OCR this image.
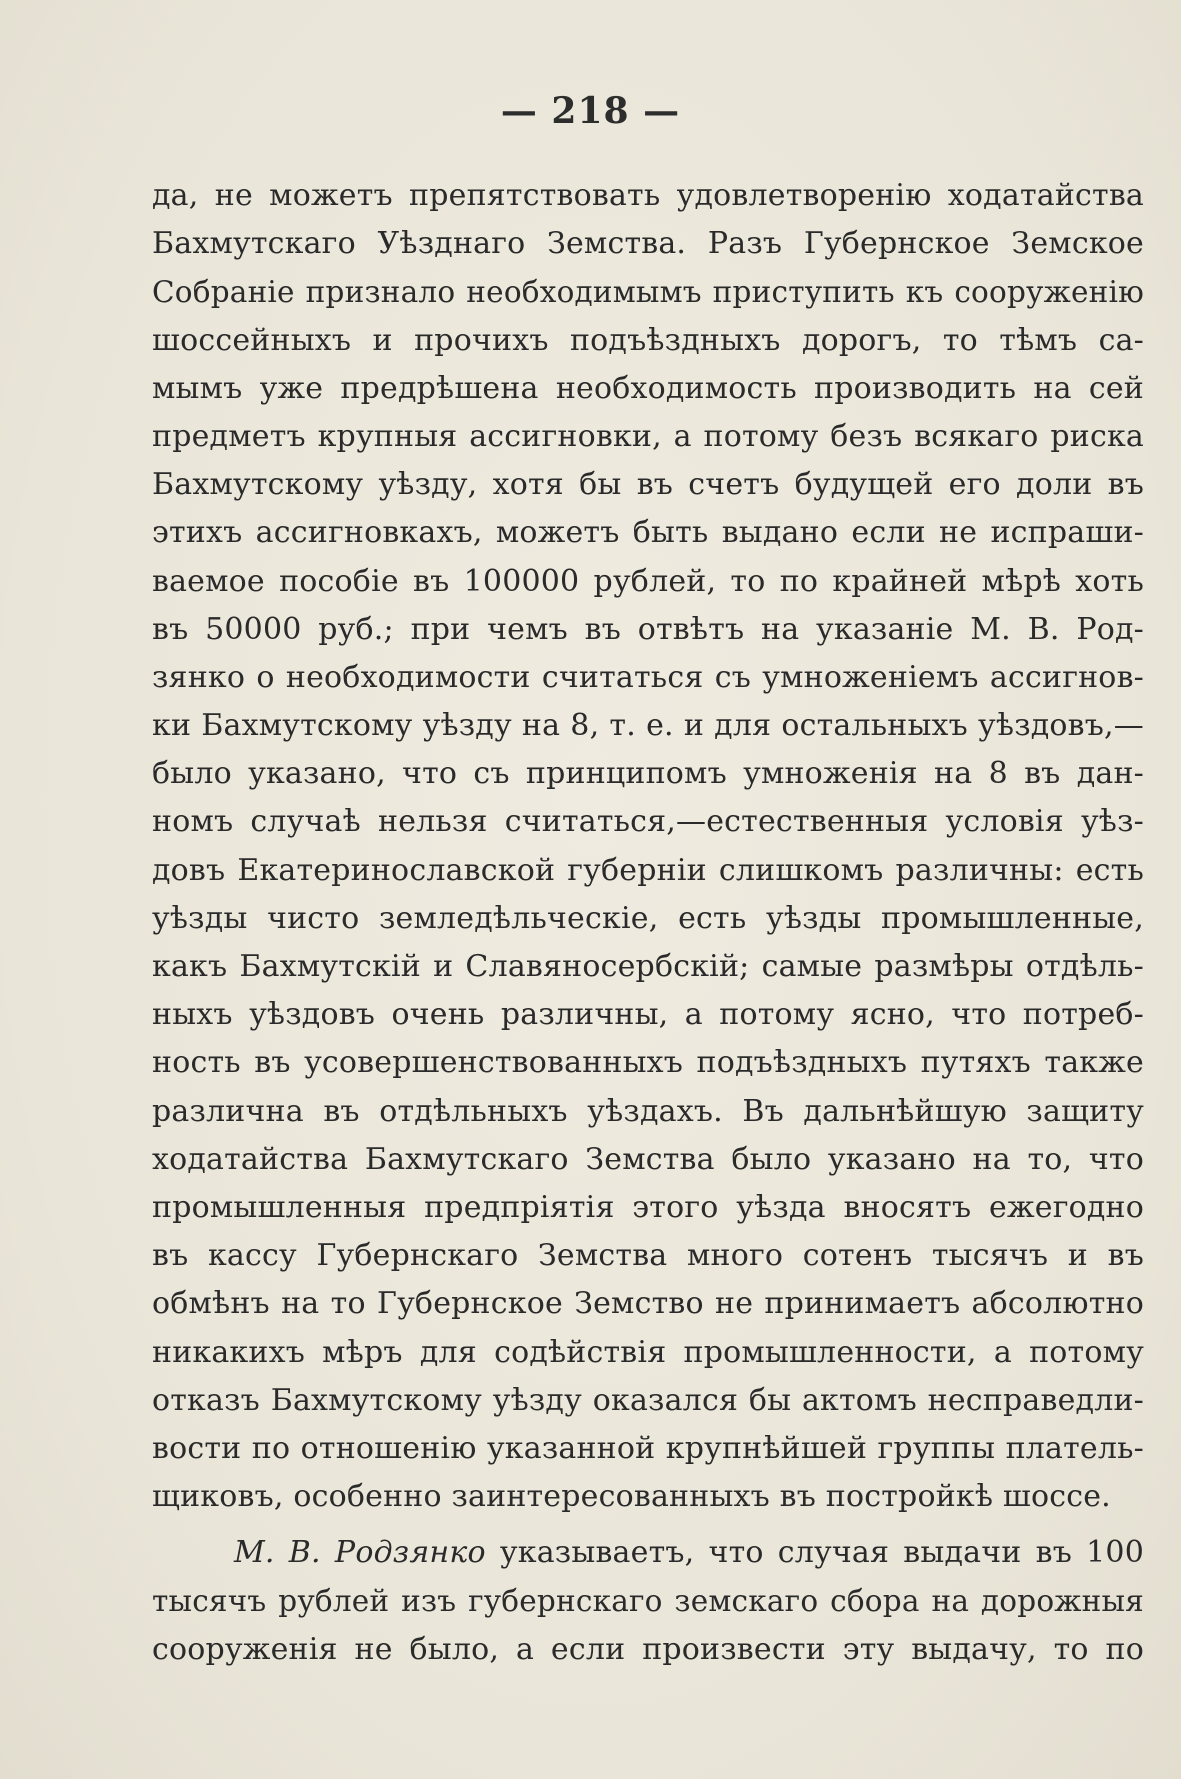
— 218 —
да, не можетъ препятствовать удовлетворенію ходатайства
Бахмутскаго Уѣзднаго Земства. Разъ Губернское Земское
Собраніе признало необходимымъ приступить къ сооруженію
шоссейныхъ и прочихъ подъѣздныхъ дорогъ, то тѣмъ са-
мымъ уже предрѣшена необходимость производить на сей
предметъ крупныя ассигновки, а потому безъ всякаго риска
Бахмутскому уѣзду, хотя бы въ счетъ будущей его доли въ
этихъ ассигновкахъ, можетъ быть выдано если не испраши-
ваемое пособіе въ 100000 рублей, то по крайней мѣрѣ хоть
въ 50000 руб.; при чемъ въ отвѣтъ на указаніе М. В. Род-
зянко о необходимости считаться съ умноженіемъ ассигнов-
ки Бахмутскому уѣзду на 8, т. е. и для остальныхъ уѣздовъ,—
было указано, что съ принципомъ умноженія на 8 въ дан-
номъ случаѣ нельзя считаться,—естественныя условія уѣз-
довъ Екатеринославской губерніи слишкомъ различны: есть
уѣзды чисто земледѣльческіе, есть уѣзды промышленные,
какъ Бахмутскій и Славяносербскій; самые размѣры отдѣль-
ныхъ уѣздовъ очень различны, а потому ясно, что потреб-
ность въ усовершенствованныхъ подъѣздныхъ путяхъ также
различна въ отдѣльныхъ уѣздахъ. Въ дальнѣйшую защиту
ходатайства Бахмутскаго Земства было указано на то, что
промышленныя предпріятія этого уѣзда вносятъ ежегодно
въ кассу Губернскаго Земства много сотенъ тысячъ и въ
обмѣнъ на то Губернское Земство не принимаетъ абсолютно
никакихъ мѣръ для содѣйствія промышленности, а потому
отказъ Бахмутскому уѣзду оказался бы актомъ несправедли-
вости по отношенію указанной крупнѣйшей группы платель-
щиковъ, особенно заинтересованныхъ въ постройкѣ шоссе.
М. В. Родзянко указываетъ, что случая выдачи въ 100
тысячъ рублей изъ губернскаго земскаго сбора на дорожныя
сооруженія не было, а если произвести эту выдачу, то по
